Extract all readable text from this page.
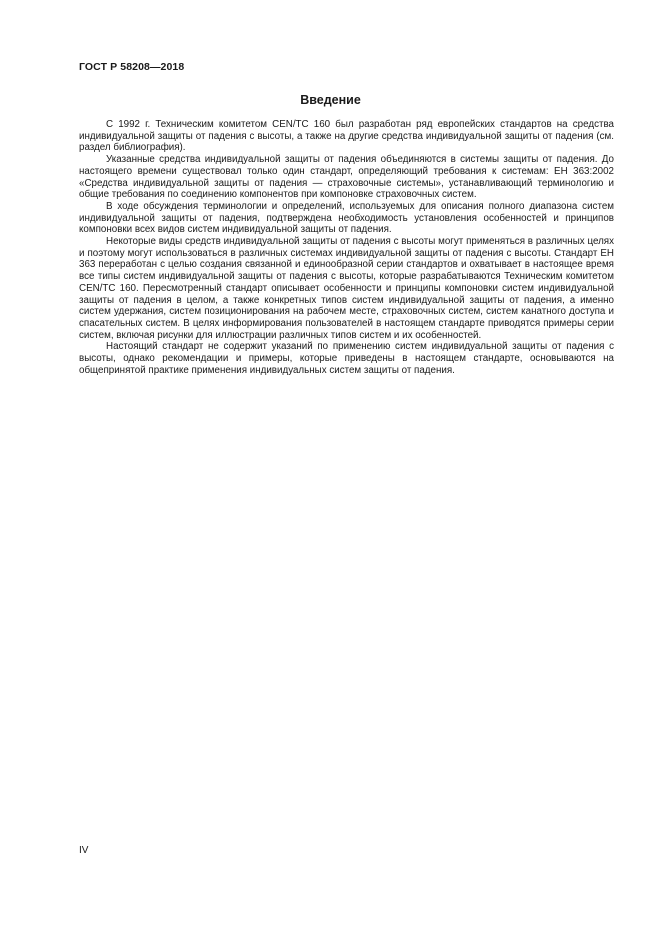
ГОСТ Р 58208—2018
Введение

С 1992 г. Техническим комитетом CEN/TC 160 был разработан ряд европейских стандартов на средства индивидуальной защиты от падения с высоты, а также на другие средства индивидуальной защиты от падения (см. раздел библиография).

Указанные средства индивидуальной защиты от падения объединяются в системы защиты от падения. До настоящего времени существовал только один стандарт, определяющий требования к системам: ЕН 363:2002 «Средства индивидуальной защиты от падения — страховочные системы», устанавливающий терминологию и общие требования по соединению компонентов при компоновке страховочных систем.

В ходе обсуждения терминологии и определений, используемых для описания полного диапазона систем индивидуальной защиты от падения, подтверждена необходимость установления особенностей и принципов компоновки всех видов систем индивидуальной защиты от падения.

Некоторые виды средств индивидуальной защиты от падения с высоты могут применяться в различных целях и поэтому могут использоваться в различных системах индивидуальной защиты от падения с высоты. Стандарт ЕН 363 переработан с целью создания связанной и единообразной серии стандартов и охватывает в настоящее время все типы систем индивидуальной защиты от падения с высоты, которые разрабатываются Техническим комитетом CEN/TC 160. Пересмотренный стандарт описывает особенности и принципы компоновки систем индивидуальной защиты от падения в целом, а также конкретных типов систем индивидуальной защиты от падения, а именно систем удержания, систем позиционирования на рабочем месте, страховочных систем, систем канатного доступа и спасательных систем. В целях информирования пользователей в настоящем стандарте приводятся примеры серии систем, включая рисунки для иллюстрации различных типов систем и их особенностей.

Настоящий стандарт не содержит указаний по применению систем индивидуальной защиты от падения с высоты, однако рекомендации и примеры, которые приведены в настоящем стандарте, основываются на общепринятой практике применения индивидуальных систем защиты от падения.

IV
